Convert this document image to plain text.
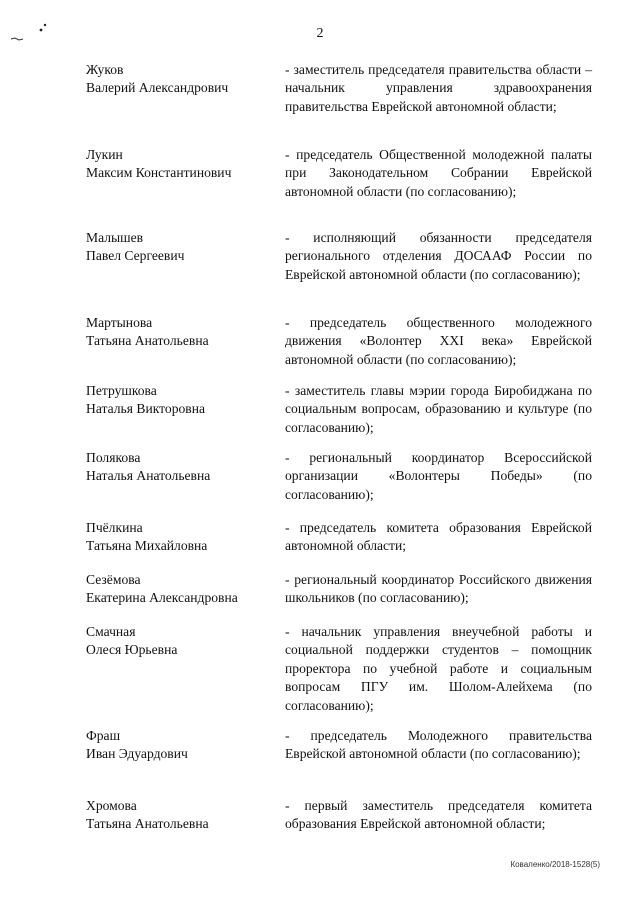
2
Жуков
Валерий Александрович
- заместитель председателя правительства области – начальник управления здравоохранения правительства Еврейской автономной области;
Лукин
Максим Константинович
- председатель Общественной молодежной палаты при Законодательном Собрании Еврейской автономной области (по согласованию);
Малышев
Павел Сергеевич
- исполняющий обязанности председателя регионального отделения ДОСААФ России по Еврейской автономной области (по согласованию);
Мартынова
Татьяна Анатольевна
- председатель общественного молодежного движения «Волонтер XXI века» Еврейской автономной области (по согласованию);
Петрушкова
Наталья Викторовна
- заместитель главы мэрии города Биробиджана по социальным вопросам, образованию и культуре (по согласованию);
Полякова
Наталья Анатольевна
- региональный координатор Всероссийской организации «Волонтеры Победы» (по согласованию);
Пчёлкина
Татьяна Михайловна
- председатель комитета образования Еврейской автономной области;
Сезёмова
Екатерина Александровна
- региональный координатор Российского движения школьников (по согласованию);
Смачная
Олеся Юрьевна
- начальник управления внеучебной работы и социальной поддержки студентов – помощник проректора по учебной работе и социальным вопросам ПГУ им. Шолом-Алейхема (по согласованию);
Фраш
Иван Эдуардович
- председатель Молодежного правительства Еврейской автономной области (по согласованию);
Хромова
Татьяна Анатольевна
- первый заместитель председателя комитета образования Еврейской автономной области;
Коваленко/2018-1528(5)
